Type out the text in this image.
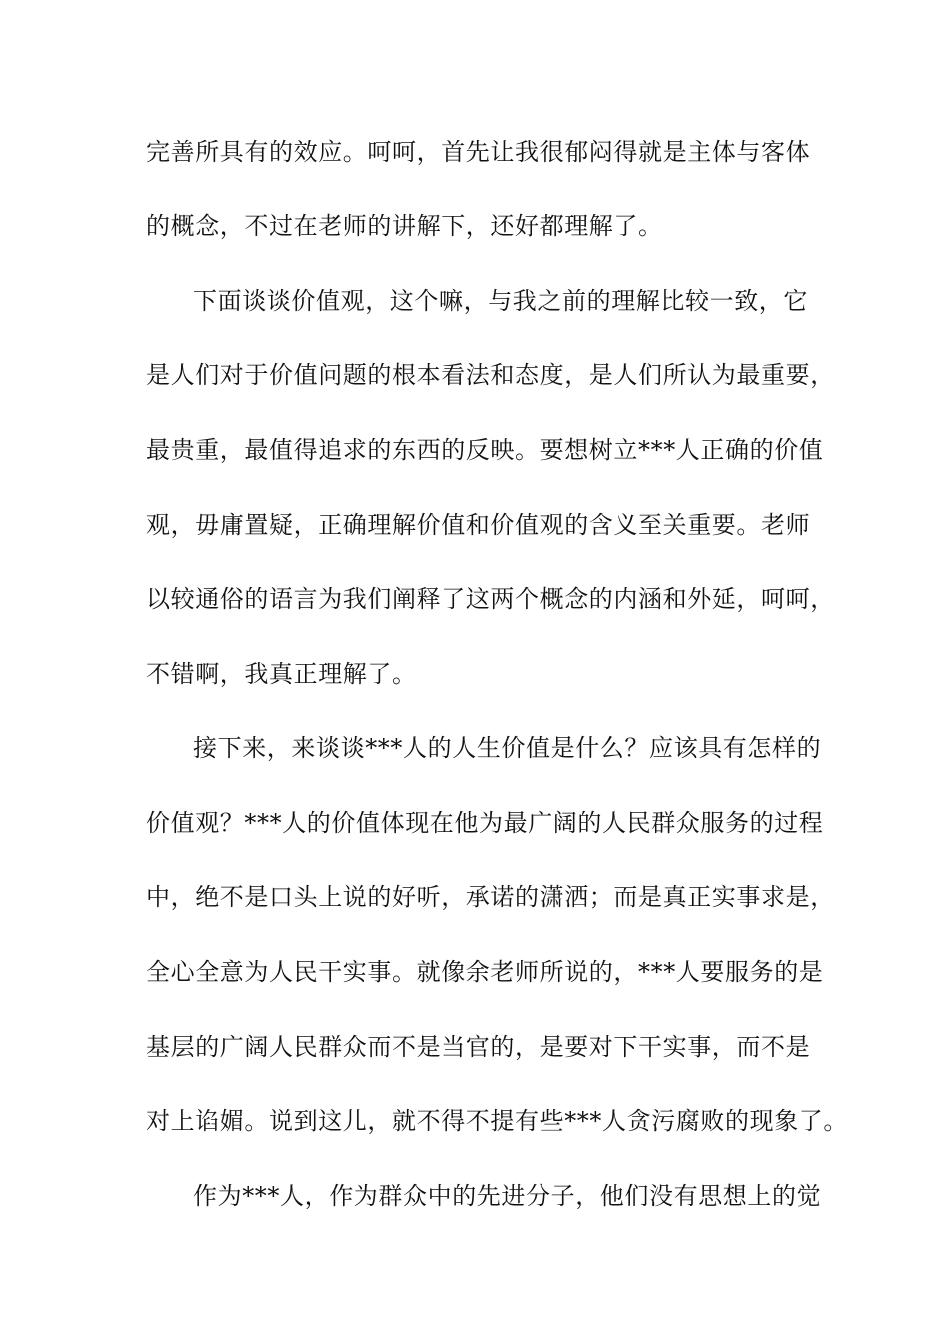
完善所具有的效应。呵呵，首先让我很郁闷得就是主体与客体
的概念，不过在老师的讲解下，还好都理解了。
下面谈谈价值观，这个嘛，与我之前的理解比较一致，它
是人们对于价值问题的根本看法和态度，是人们所认为最重要，
最贵重，最值得追求的东西的反映。要想树立***人正确的价值
观，毋庸置疑，正确理解价值和价值观的含义至关重要。老师
以较通俗的语言为我们阐释了这两个概念的内涵和外延，呵呵，
不错啊，我真正理解了。
接下来，来谈谈***人的人生价值是什么？应该具有怎样的
价值观？***人的价值体现在他为最广阔的人民群众服务的过程
中，绝不是口头上说的好听，承诺的潇洒；而是真正实事求是，
全心全意为人民干实事。就像余老师所说的，***人要服务的是
基层的广阔人民群众而不是当官的，是要对下干实事，而不是
对上谄媚。说到这儿，就不得不提有些***人贪污腐败的现象了。
作为***人，作为群众中的先进分子，他们没有思想上的觉
